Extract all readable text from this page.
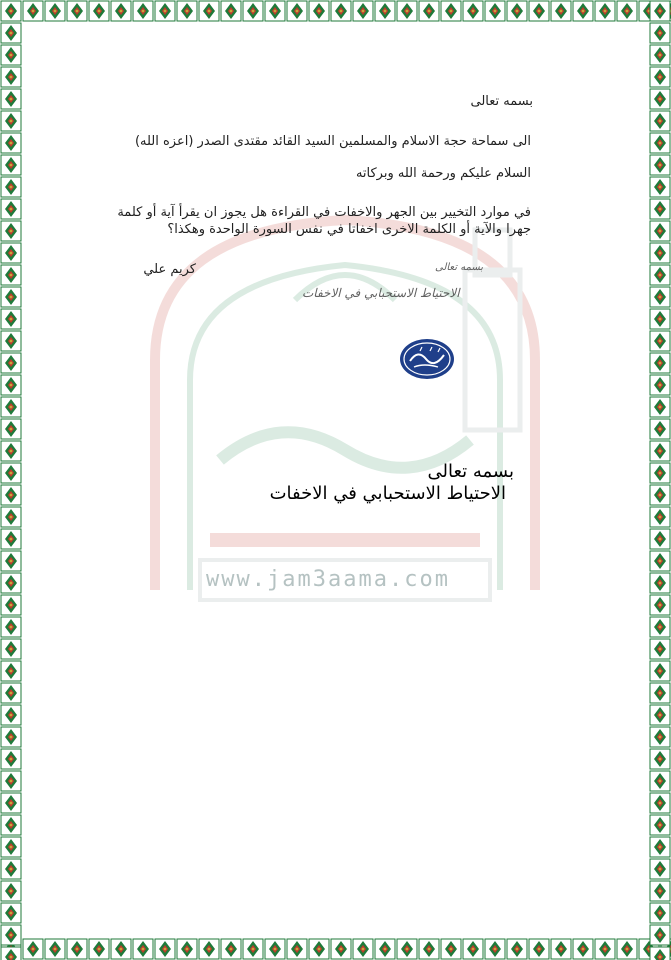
www.jam3aama.com
بسمه تعالى
الى سماحة حجة الاسلام والمسلمين السيد القائد مقتدى الصدر (اعزه الله)
السلام عليكم ورحمة الله وبركاته
في موارد التخيير بين الجهر والاخفات في القراءة هل يجوز ان يقرأ آية أو كلمة جهرا والآية أو الكلمة الاخرى اخفاتا في نفس السورة الواحدة وهكذا؟
كريم علي	بسمه تعالى
الاحتياط الاستحبابي في الاخفات
بسمه تعالى
الاحتياط الاستحبابي في الاخفات
